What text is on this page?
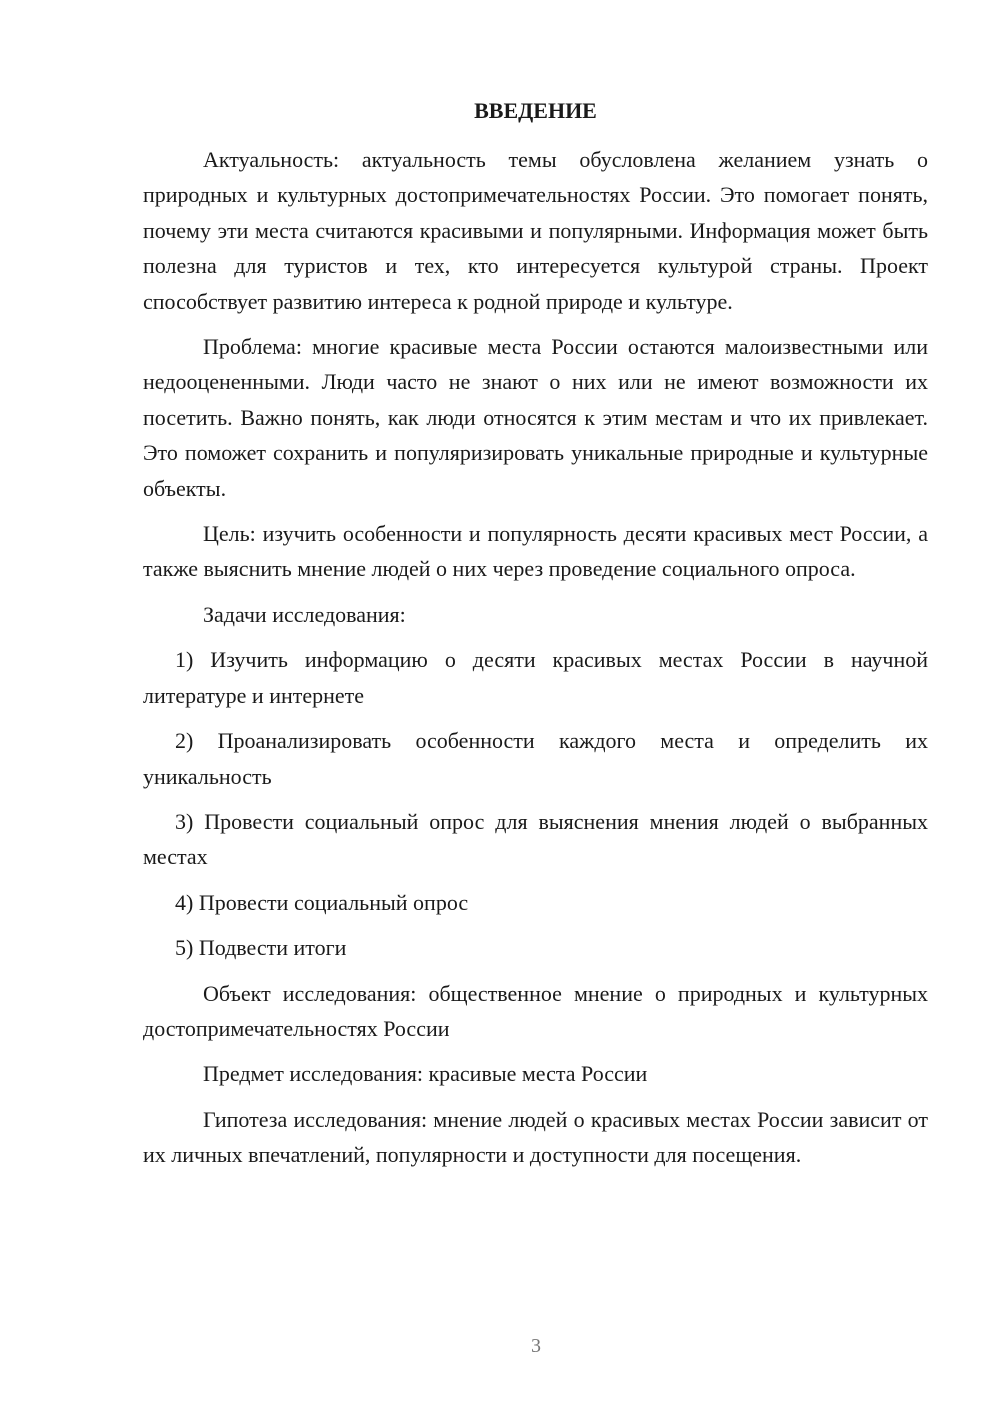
ВВЕДЕНИЕ

Актуальность: актуальность темы обусловлена желанием узнать о природных и культурных достопримечательностях России. Это помогает понять, почему эти места считаются красивыми и популярными. Информация может быть полезна для туристов и тех, кто интересуется культурой страны. Проект способствует развитию интереса к родной природе и культуре.

Проблема: многие красивые места России остаются малоизвестными или недооцененными. Люди часто не знают о них или не имеют возможности их посетить. Важно понять, как люди относятся к этим местам и что их привлекает. Это поможет сохранить и популяризировать уникальные природные и культурные объекты.

Цель: изучить особенности и популярность десяти красивых мест России, а также выяснить мнение людей о них через проведение социального опроса.

Задачи исследования:

1) Изучить информацию о десяти красивых местах России в научной литературе и интернете

2) Проанализировать особенности каждого места и определить их уникальность

3) Провести социальный опрос для выяснения мнения людей о выбранных местах

4) Провести социальный опрос

5) Подвести итоги

Объект исследования: общественное мнение о природных и культурных достопримечательностях России

Предмет исследования: красивые места России

Гипотеза исследования: мнение людей о красивых местах России зависит от их личных впечатлений, популярности и доступности для посещения.

3
